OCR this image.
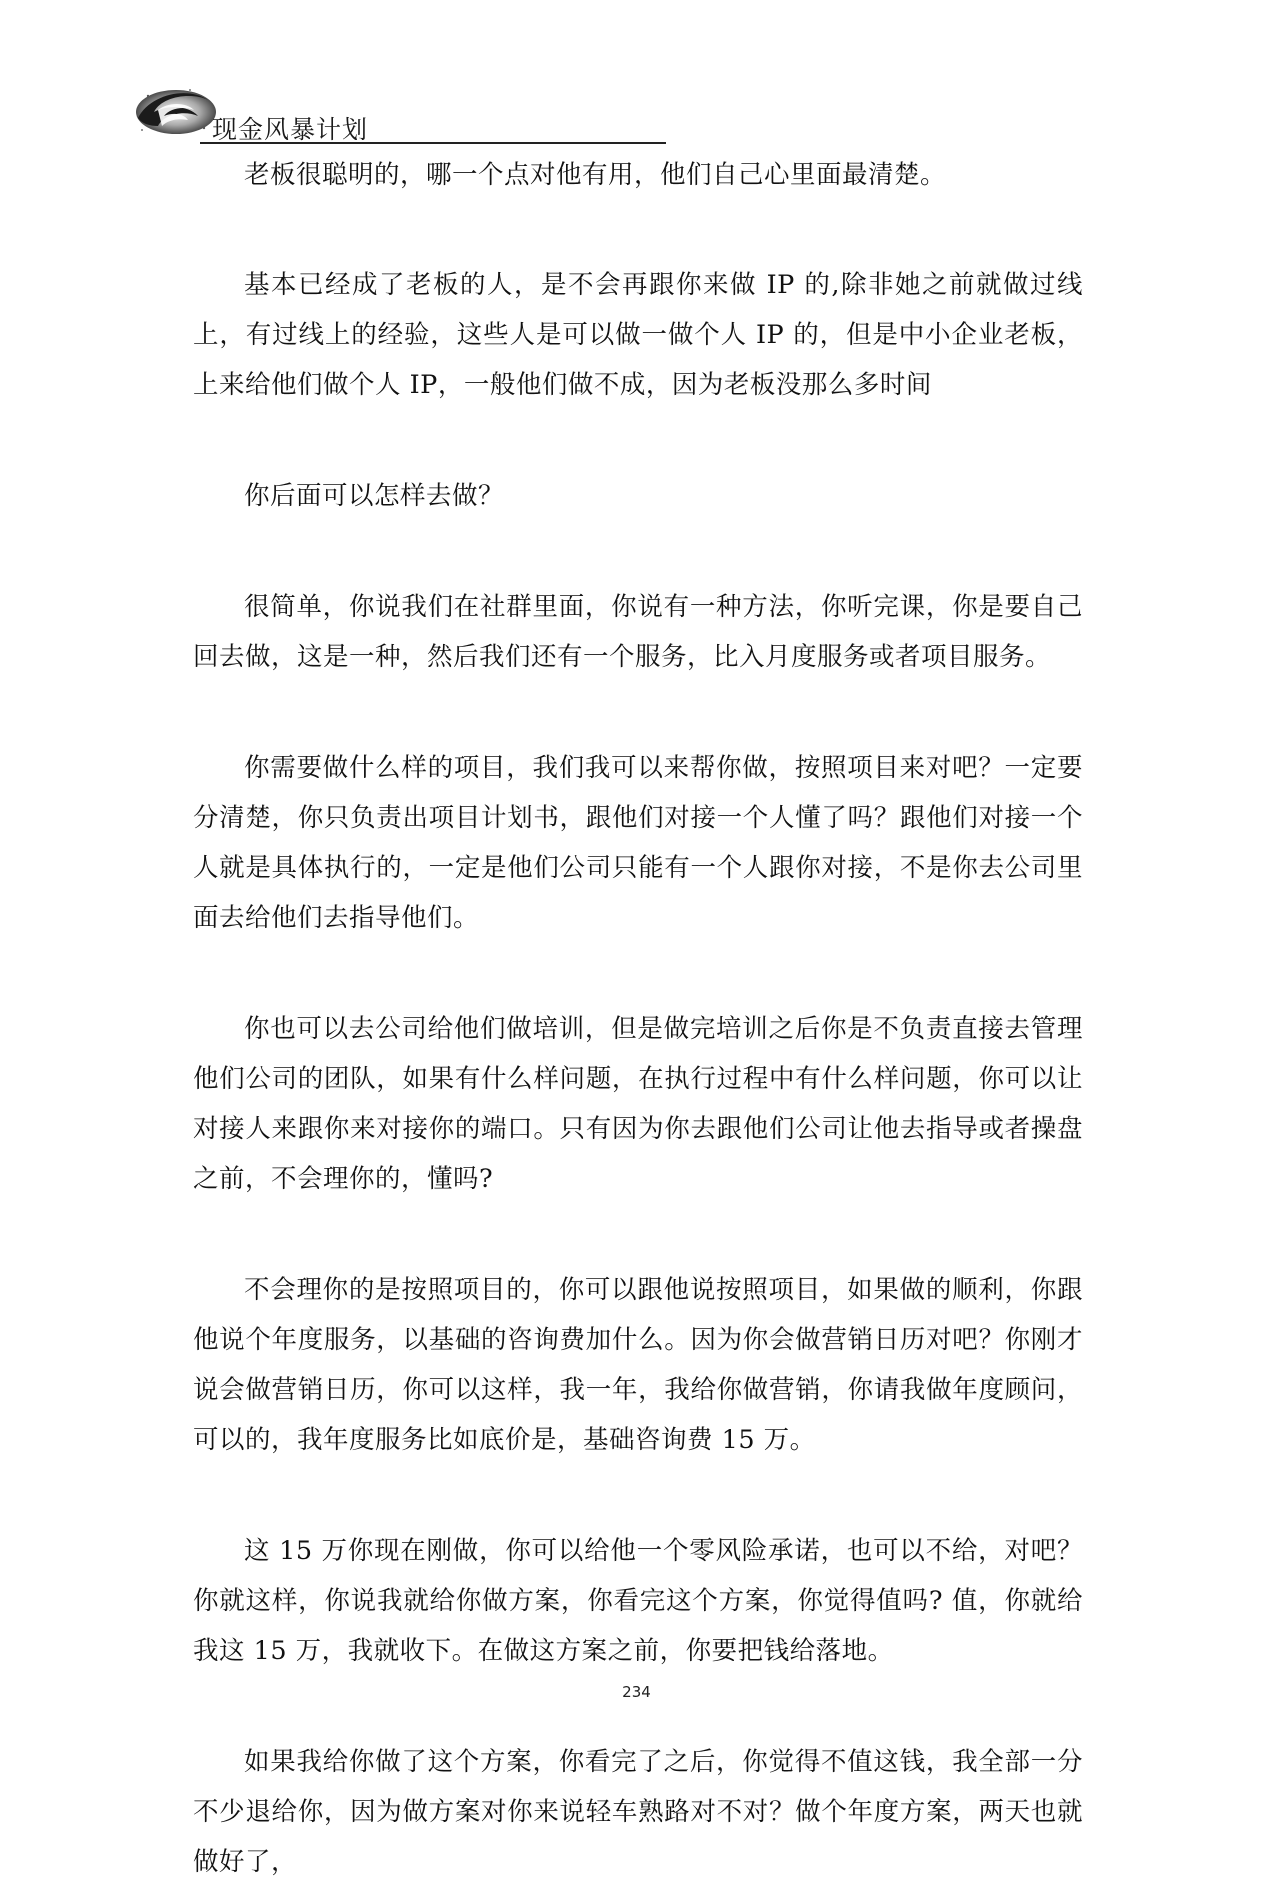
现金风暴计划

老板很聪明的，哪一个点对他有用，他们自己心里面最清楚。

基本已经成了老板的人，是不会再跟你来做 IP 的,除非她之前就做过线上，有过线上的经验，这些人是可以做一做个人 IP 的，但是中小企业老板，上来给他们做个人 IP，一般他们做不成，因为老板没那么多时间

你后面可以怎样去做？

很简单，你说我们在社群里面，你说有一种方法，你听完课，你是要自己回去做，这是一种，然后我们还有一个服务，比入月度服务或者项目服务。

你需要做什么样的项目，我们我可以来帮你做，按照项目来对吧？一定要分清楚，你只负责出项目计划书，跟他们对接一个人懂了吗？跟他们对接一个人就是具体执行的，一定是他们公司只能有一个人跟你对接，不是你去公司里面去给他们去指导他们。

你也可以去公司给他们做培训，但是做完培训之后你是不负责直接去管理他们公司的团队，如果有什么样问题，在执行过程中有什么样问题，你可以让对接人来跟你来对接你的端口。只有因为你去跟他们公司让他去指导或者操盘之前，不会理你的，懂吗?

不会理你的是按照项目的，你可以跟他说按照项目，如果做的顺利，你跟他说个年度服务，以基础的咨询费加什么。因为你会做营销日历对吧？你刚才说会做营销日历，你可以这样，我一年，我给你做营销，你请我做年度顾问，可以的，我年度服务比如底价是，基础咨询费 15 万。

这 15 万你现在刚做，你可以给他一个零风险承诺，也可以不给，对吧？你就这样，你说我就给你做方案，你看完这个方案，你觉得值吗? 值，你就给我这 15 万，我就收下。在做这方案之前，你要把钱给落地。

如果我给你做了这个方案，你看完了之后，你觉得不值这钱，我全部一分不少退给你，因为做方案对你来说轻车熟路对不对？做个年度方案，两天也就做好了，

234
